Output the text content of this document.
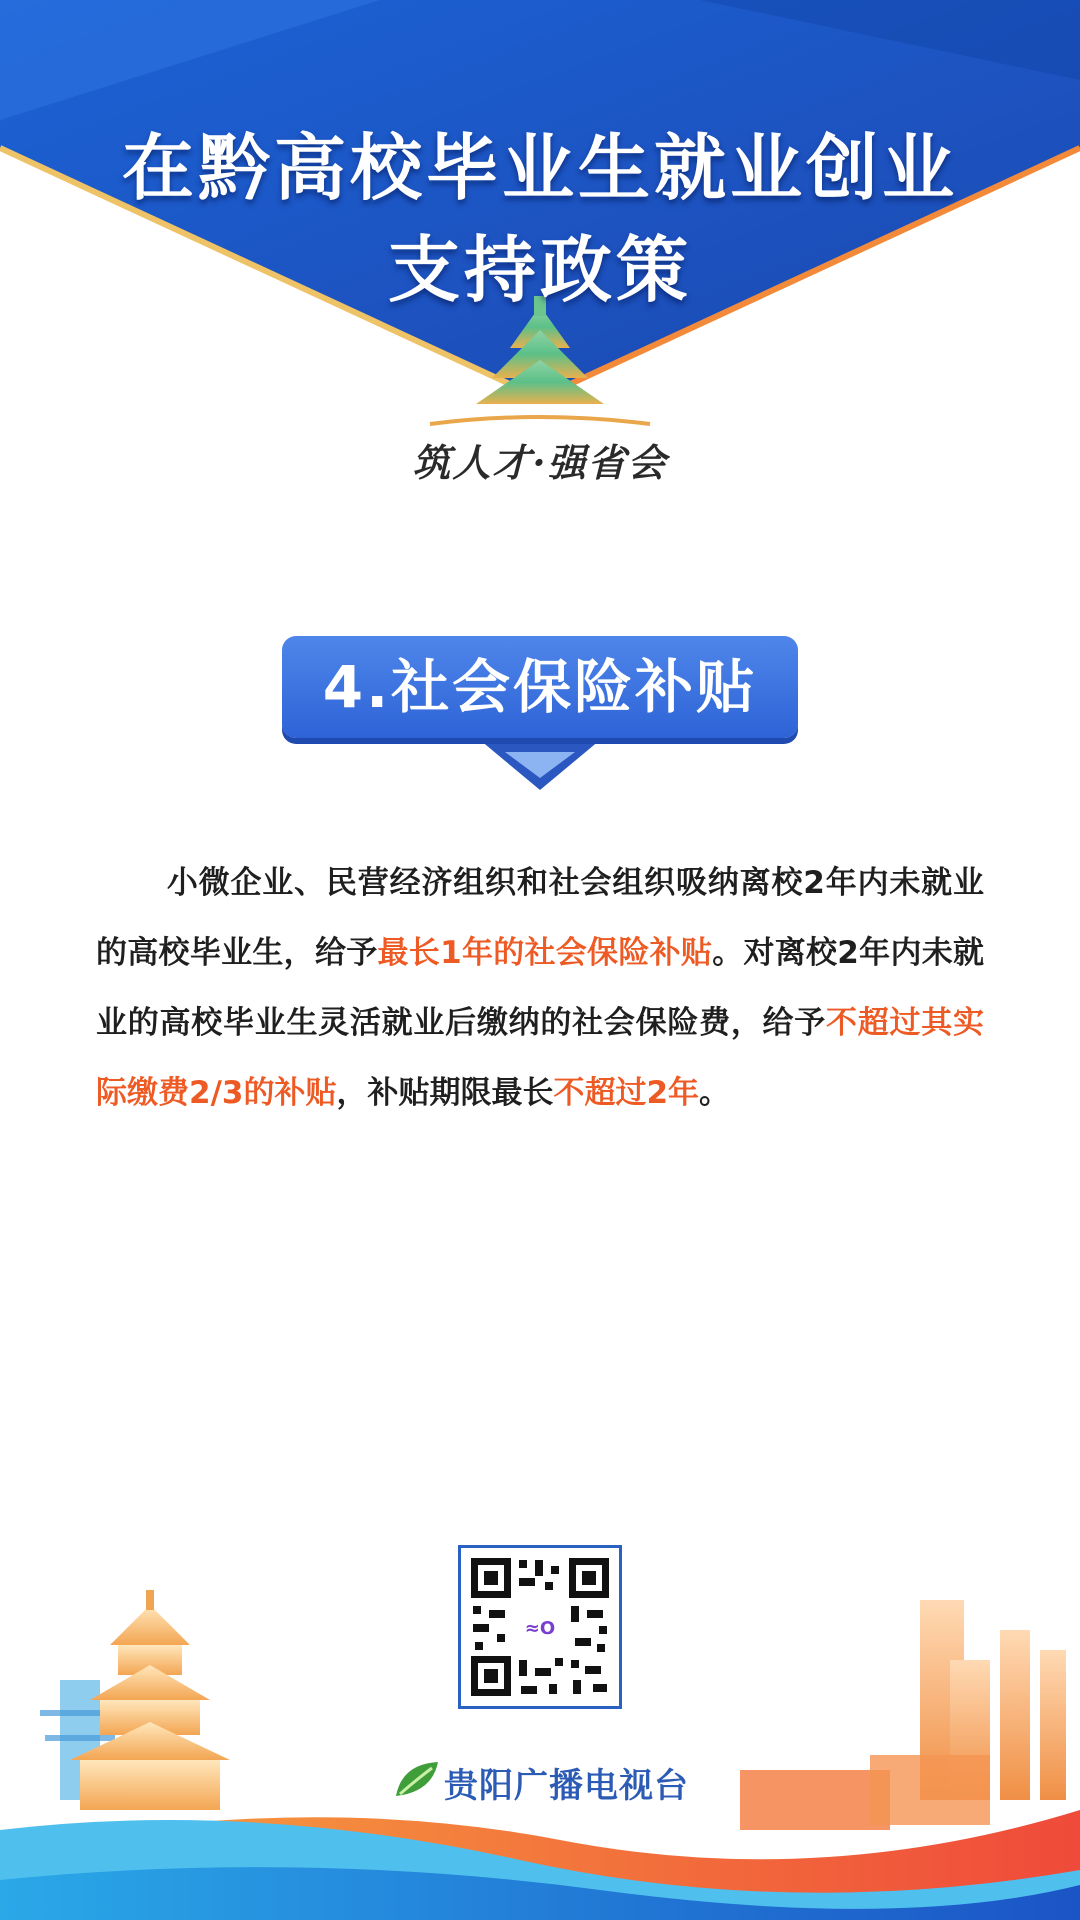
在黔高校毕业生就业创业
支持政策
筑人才·强省会
4.社会保险补贴
小微企业、民营经济组织和社会组织吸纳离校2年内未就业的高校毕业生，给予最长1年的社会保险补贴。对离校2年内未就业的高校毕业生灵活就业后缴纳的社会保险费，给予不超过其实际缴费2/3的补贴，补贴期限最长不超过2年。
≈O
贵阳广播电视台
